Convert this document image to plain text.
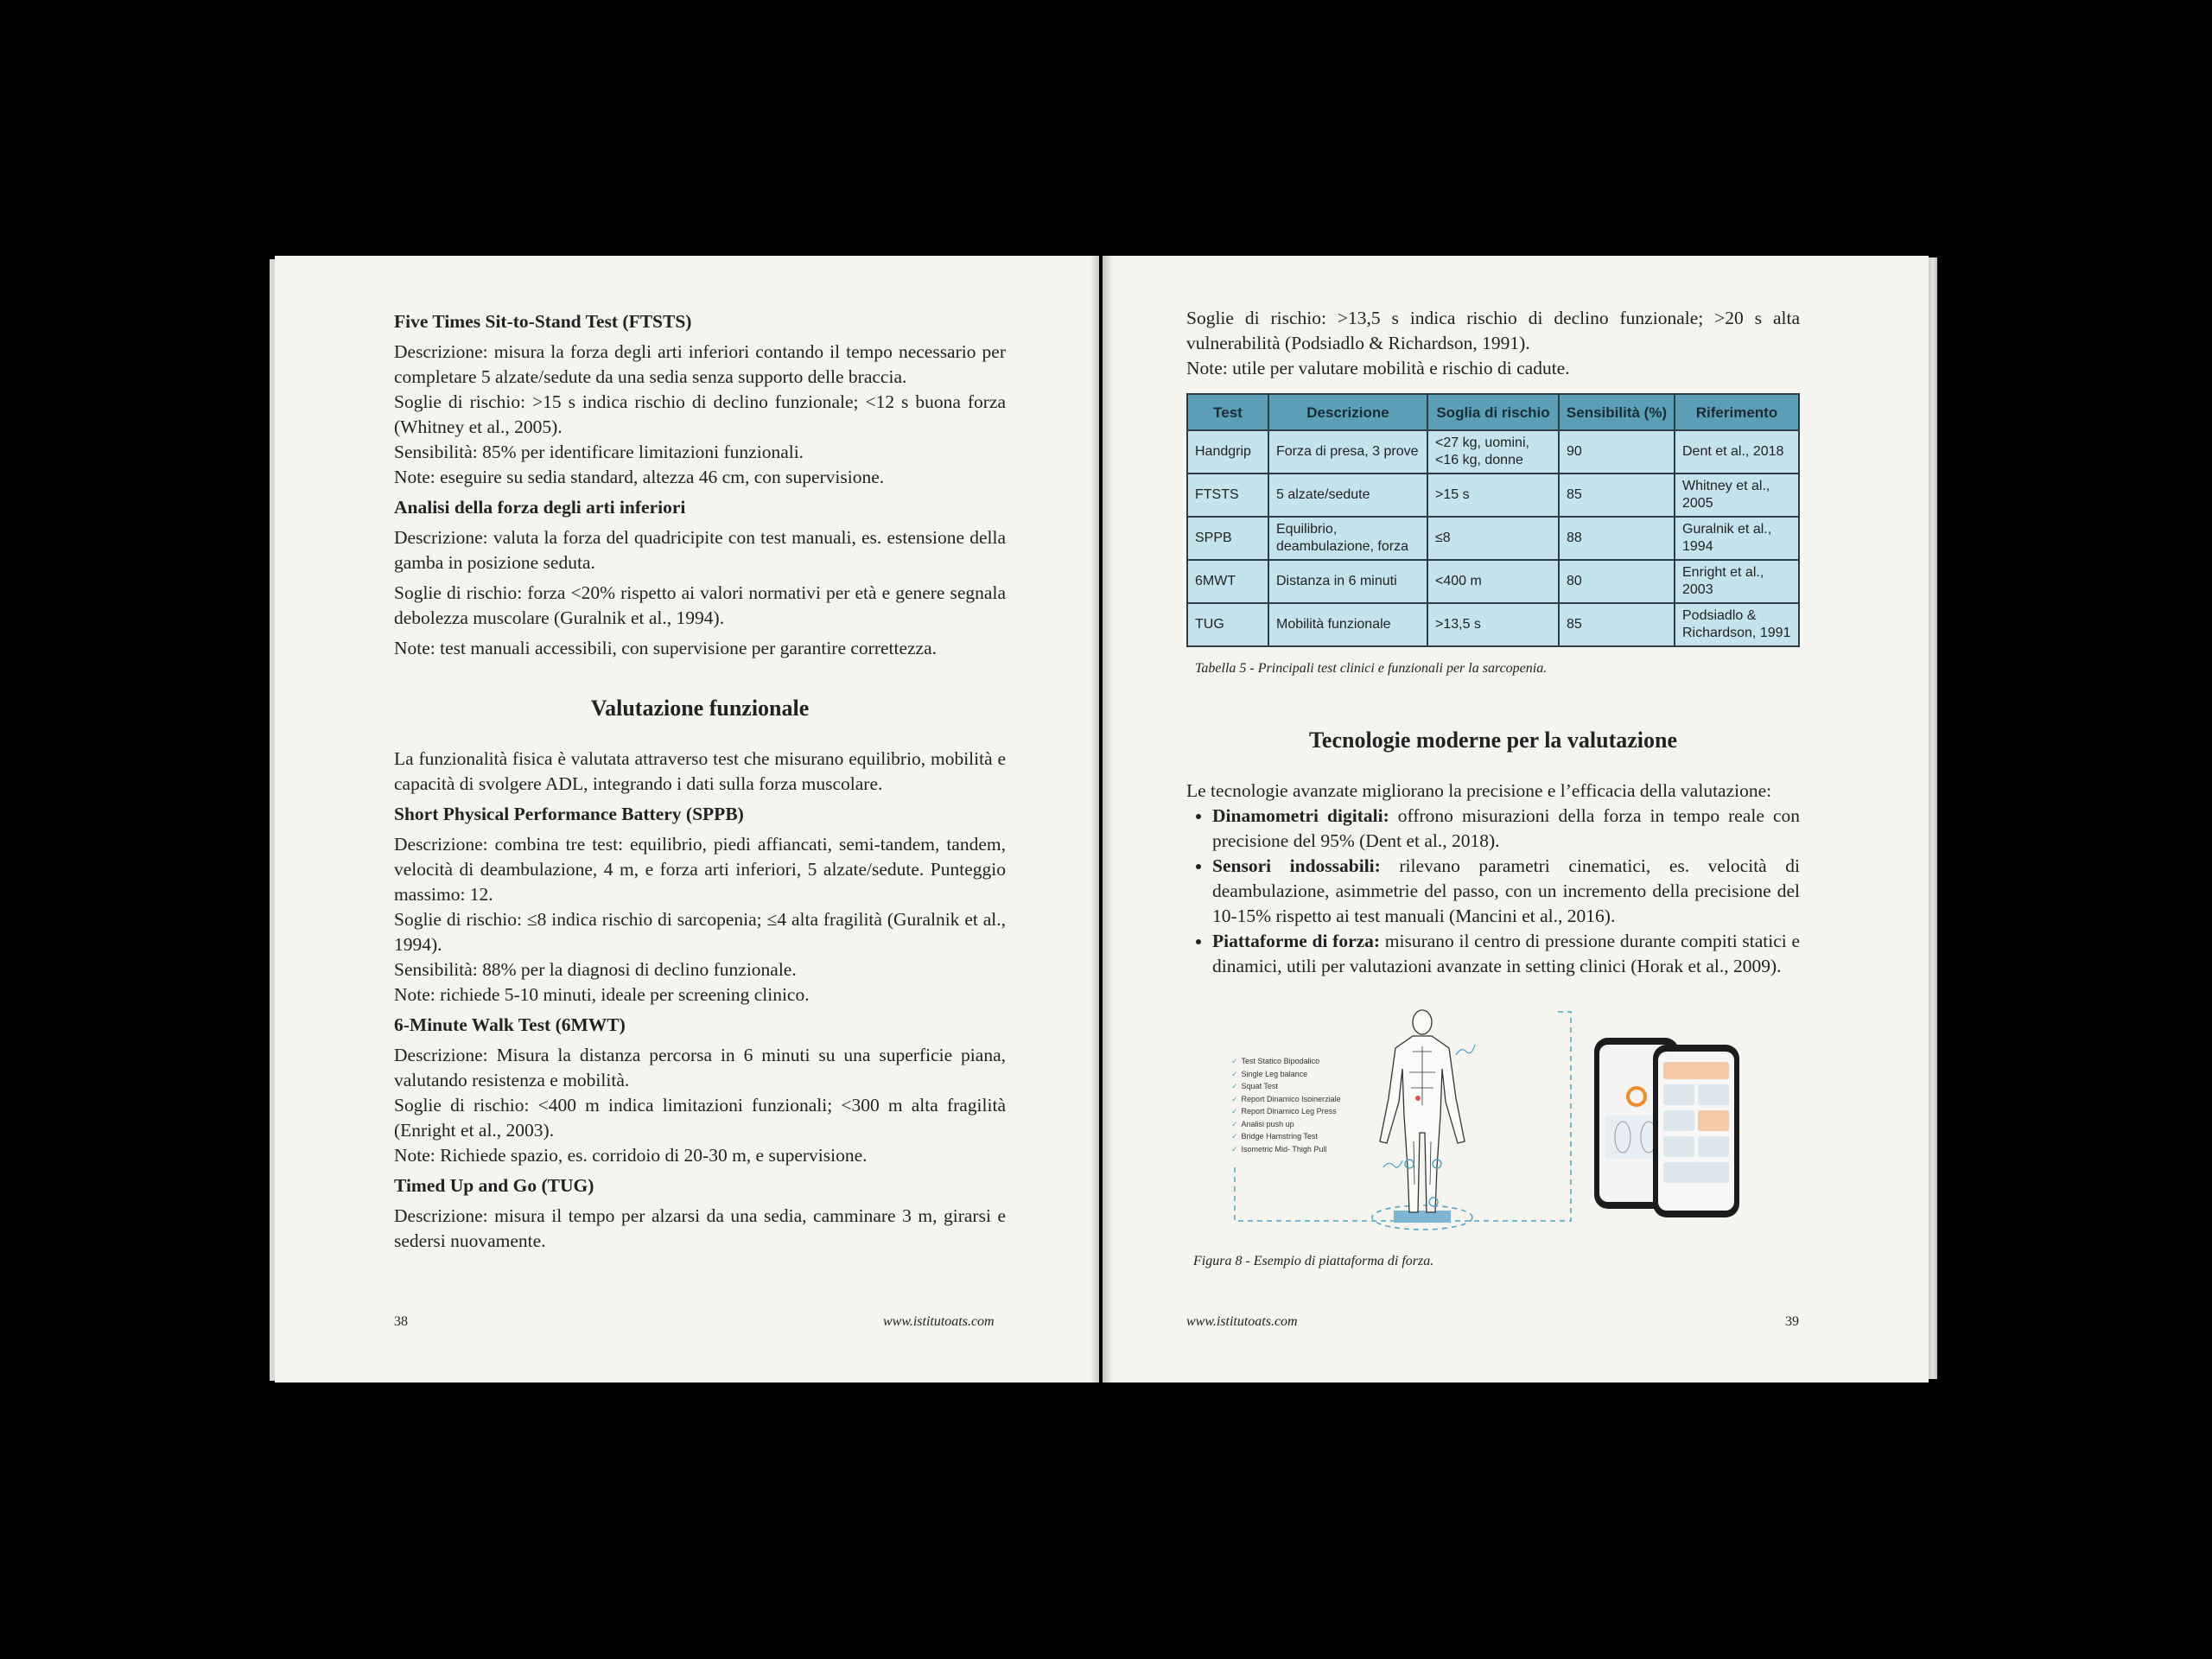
Five Times Sit-to-Stand Test (FTSTS)

Descrizione: misura la forza degli arti inferiori contando il tempo necessario per completare 5 alzate/sedute da una sedia senza supporto delle braccia.

Soglie di rischio: >15 s indica rischio di declino funzionale; <12 s buona forza (Whitney et al., 2005).

Sensibilità: 85% per identificare limitazioni funzionali.

Note: eseguire su sedia standard, altezza 46 cm, con supervisione.

Analisi della forza degli arti inferiori

Descrizione: valuta la forza del quadricipite con test manuali, es. estensione della gamba in posizione seduta.

Soglie di rischio: forza <20% rispetto ai valori normativi per età e genere segnala debolezza muscolare (Guralnik et al., 1994).

Note: test manuali accessibili, con supervisione per garantire correttezza.

Valutazione funzionale

La funzionalità fisica è valutata attraverso test che misurano equilibrio, mobilità e capacità di svolgere ADL, integrando i dati sulla forza muscolare.

Short Physical Performance Battery (SPPB)

Descrizione: combina tre test: equilibrio, piedi affiancati, semi-tandem, tandem, velocità di deambulazione, 4 m, e forza arti inferiori, 5 alzate/sedute. Punteggio massimo: 12.

Soglie di rischio: ≤8 indica rischio di sarcopenia; ≤4 alta fragilità (Guralnik et al., 1994).

Sensibilità: 88% per la diagnosi di declino funzionale.

Note: richiede 5-10 minuti, ideale per screening clinico.

6-Minute Walk Test (6MWT)

Descrizione: Misura la distanza percorsa in 6 minuti su una superficie piana, valutando resistenza e mobilità.

Soglie di rischio: <400 m indica limitazioni funzionali; <300 m alta fragilità (Enright et al., 2003).

Note: Richiede spazio, es. corridoio di 20-30 m, e supervisione.

Timed Up and Go (TUG)

Descrizione: misura il tempo per alzarsi da una sedia, camminare 3 m, girarsi e sedersi nuovamente.

38	www.istitutoats.com

Soglie di rischio: >13,5 s indica rischio di declino funzionale; >20 s alta vulnerabilità (Podsiadlo & Richardson, 1991).

Note: utile per valutare mobilità e rischio di cadute.

Test	Descrizione	Soglia di rischio	Sensibilità (%)	Riferimento
Handgrip	Forza di presa, 3 prove	<27 kg, uomini, <16 kg, donne	90	Dent et al., 2018
FTSTS	5 alzate/sedute	>15 s	85	Whitney et al., 2005
SPPB	Equilibrio, deambulazione, forza	≤8	88	Guralnik et al., 1994
6MWT	Distanza in 6 minuti	<400 m	80	Enright et al., 2003
TUG	Mobilità funzionale	>13,5 s	85	Podsiadlo & Richardson, 1991
Tabella 5 - Principali test clinici e funzionali per la sarcopenia.
Tecnologie moderne per la valutazione

Le tecnologie avanzate migliorano la precisione e l’efficacia della valutazione:

• Dinamometri digitali: offrono misurazioni della forza in tempo reale con precisione del 95% (Dent et al., 2018).
• Sensori indossabili: rilevano parametri cinematici, es. velocità di deambulazione, asimmetrie del passo, con un incremento della precisione del 10-15% rispetto ai test manuali (Mancini et al., 2016).
• Piattaforme di forza: misurano il centro di pressione durante compiti statici e dinamici, utili per valutazioni avanzate in setting clinici (Horak et al., 2009).
✓ Test Statico Bipodalico
✓ Single Leg balance
✓ Squat Test
✓ Report Dinamico Isoinerziale
✓ Report Dinamico Leg Press
✓ Analisi push up
✓ Bridge Hamstring Test
✓ Isometric Mid- Thigh Pull
Figura 8 - Esempio di piattaforma di forza.
www.istitutoats.com	39
